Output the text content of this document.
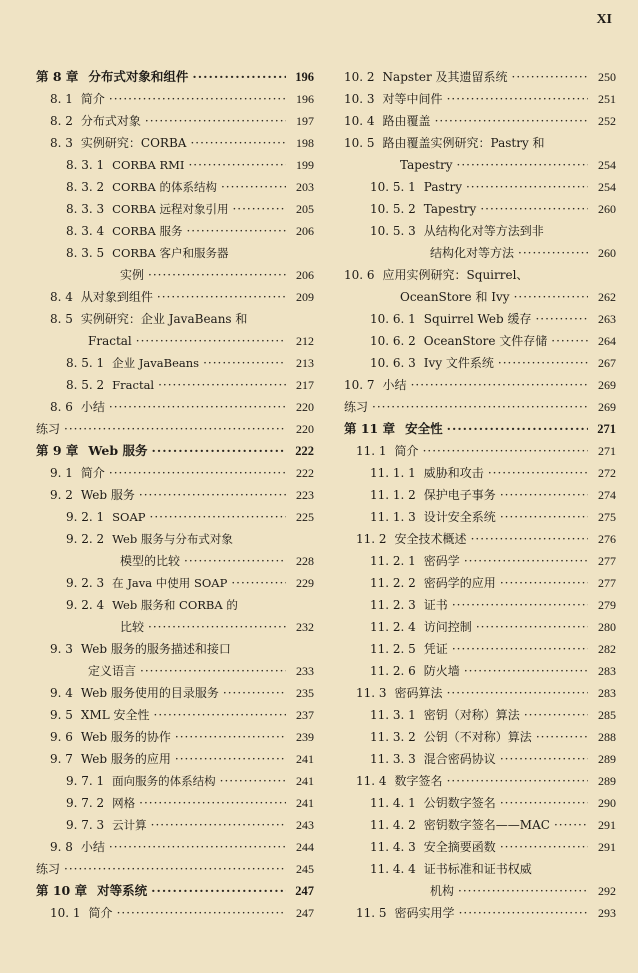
XI
第 8 章 分布式对象和组件 ·····	196
8. 1 简介 ·····	196
8. 2 分布式对象 ·····	197
8. 3 实例研究：CORBA ·····	198
8. 3. 1 CORBA RMI ·····	199
8. 3. 2 CORBA 的体系结构 ·····	203
8. 3. 3 CORBA 远程对象引用 ·····	205
8. 3. 4 CORBA 服务 ·····	206
8. 3. 5 CORBA 客户和服务器
实例 ·····	206
8. 4 从对象到组件 ·····	209
8. 5 实例研究：企业 JavaBeans 和
Fractal ·····	212
8. 5. 1 企业 JavaBeans ·····	213
8. 5. 2 Fractal ·····	217
8. 6 小结 ·····	220
练习 ·····	220
第 9 章 Web 服务 ·····	222
9. 1 简介 ·····	222
9. 2 Web 服务 ·····	223
9. 2. 1 SOAP ·····	225
9. 2. 2 Web 服务与分布式对象
模型的比较 ·····	228
9. 2. 3 在 Java 中使用 SOAP ·····	229
9. 2. 4 Web 服务和 CORBA 的
比较 ·····	232
9. 3 Web 服务的服务描述和接口
定义语言 ·····	233
9. 4 Web 服务使用的目录服务 ·····	235
9. 5 XML 安全性 ·····	237
9. 6 Web 服务的协作 ·····	239
9. 7 Web 服务的应用 ·····	241
9. 7. 1 面向服务的体系结构 ·····	241
9. 7. 2 网格 ·····	241
9. 7. 3 云计算 ·····	243
9. 8 小结 ·····	244
练习 ·····	245
第 10 章 对等系统 ·····	247
10. 1 简介 ·····	247
10. 2 Napster 及其遗留系统 ·····	250
10. 3 对等中间件 ·····	251
10. 4 路由覆盖 ·····	252
10. 5 路由覆盖实例研究：Pastry 和
Tapestry ·····	254
10. 5. 1 Pastry ·····	254
10. 5. 2 Tapestry ·····	260
10. 5. 3 从结构化对等方法到非
结构化对等方法 ·····	260
10. 6 应用实例研究：Squirrel、
OceanStore 和 Ivy ·····	262
10. 6. 1 Squirrel Web 缓存 ·····	263
10. 6. 2 OceanStore 文件存储 ·····	264
10. 6. 3 Ivy 文件系统 ·····	267
10. 7 小结 ·····	269
练习 ·····	269
第 11 章 安全性 ·····	271
11. 1 简介 ·····	271
11. 1. 1 威胁和攻击 ·····	272
11. 1. 2 保护电子事务 ·····	274
11. 1. 3 设计安全系统 ·····	275
11. 2 安全技术概述 ·····	276
11. 2. 1 密码学 ·····	277
11. 2. 2 密码学的应用 ·····	277
11. 2. 3 证书 ·····	279
11. 2. 4 访问控制 ·····	280
11. 2. 5 凭证 ·····	282
11. 2. 6 防火墙 ·····	283
11. 3 密码算法 ·····	283
11. 3. 1 密钥（对称）算法 ·····	285
11. 3. 2 公钥（不对称）算法 ·····	288
11. 3. 3 混合密码协议 ·····	289
11. 4 数字签名 ·····	289
11. 4. 1 公钥数字签名 ·····	290
11. 4. 2 密钥数字签名——MAC ·····	291
11. 4. 3 安全摘要函数 ·····	291
11. 4. 4 证书标准和证书权威
机构 ·····	292
11. 5 密码实用学 ·····	293
